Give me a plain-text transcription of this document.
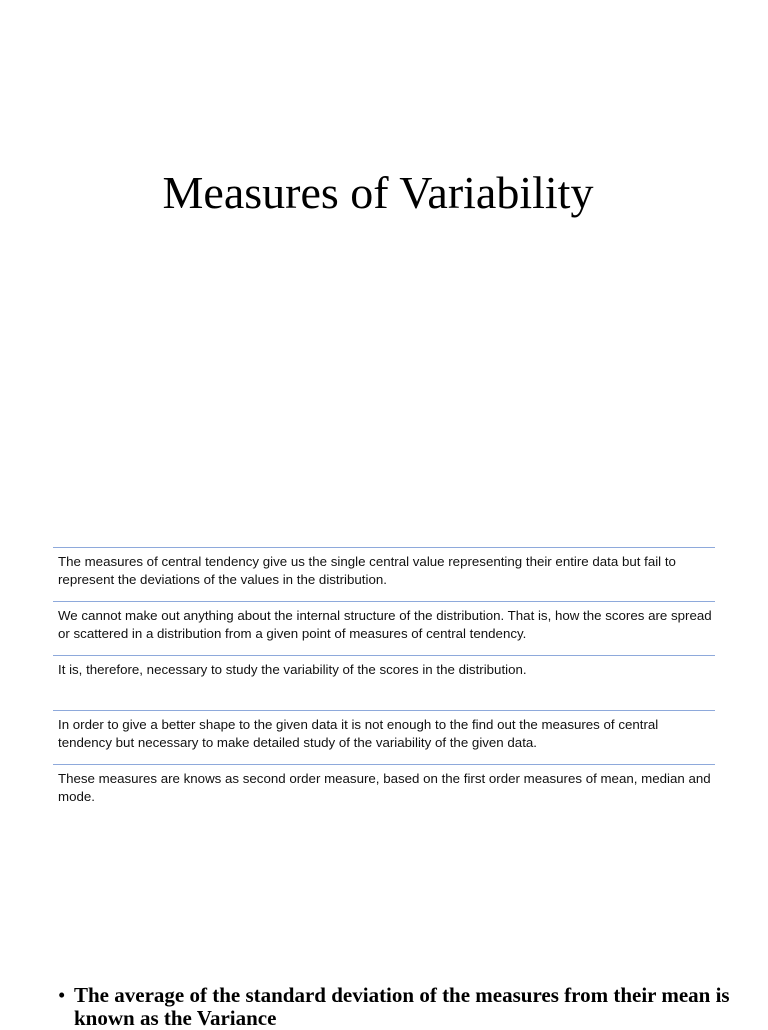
Measures of Variability
The measures of central tendency give us the single central value representing their entire data but fail to represent the deviations of the values in the distribution.
We cannot make out anything about the internal structure of the distribution. That is, how the scores are spread or scattered in a distribution from a given point of measures of central tendency.
It is, therefore, necessary to study the variability of the scores in the distribution.
In order to give a better shape to the given data it is not enough to the find out the measures of central tendency but necessary to make detailed study of the variability of the given data.
These measures are knows as second order measure, based on the first order measures of mean, median and mode.
• The average of the standard deviation of the measures from their mean is known as the Variance
